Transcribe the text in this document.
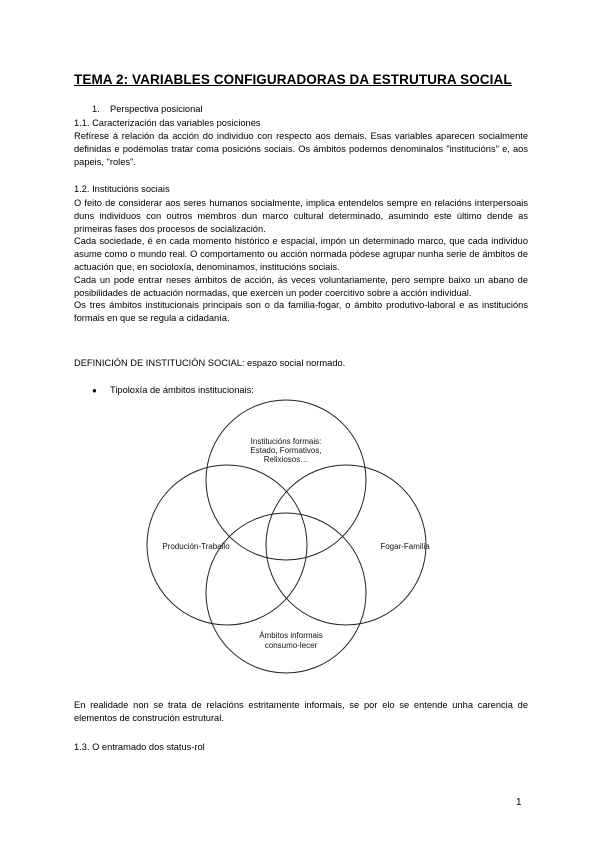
TEMA 2: VARIABLES CONFIGURADORAS DA ESTRUTURA SOCIAL
1. Perspectiva posicional
1.1. Caracterización das variables posiciones

Refírese á relación da acción do individuo con respecto aos demais. Esas variables aparecen socialmente definidas e podémolas tratar coma posicións sociais. Os ámbitos podemos denominalos "institucións" e, aos papeis, "roles".

1.2. Institucións sociais

O feito de considerar aos seres humanos socialmente, implica entendelos sempre en relacións interpersoais duns individuos con outros membros dun marco cultural determinado, asumindo este último dende as primeiras fases dos procesos de socialización.

Cada sociedade, é en cada momento histórico e espacial, impón un determinado marco, que cada individuo asume como o mundo real. O comportamento ou acción normada pódese agrupar nunha serie de ámbitos de actuación que, en socioloxía, denominamos, institucións sociais.

Cada un pode entrar neses ámbitos de acción, ás veces voluntariamente, pero sempre baixo un abano de posibilidades de actuación normadas, que exercen un poder coercitivo sobre a acción individual.

Os tres ámbitos institucionais principais son o da familia-fogar, o ámbito produtivo-laboral e as institucións formais en que se regula a cidadanía.

DEFINICIÓN DE INSTITUCIÓN SOCIAL: espazo social normado.
● Tipoloxía de ámbitos institucionais:
Institucións formais:
Estado, Formativos,
Relixiosos…
Produción-Traballo	Fogar-Familia
Ámbitos informais
consumo-lecer

En realidade non se trata de relacións estritamente informais, se por elo se entende unha carencia de elementos de construción estrutural.

1.3. O entramado dos status-rol
1
